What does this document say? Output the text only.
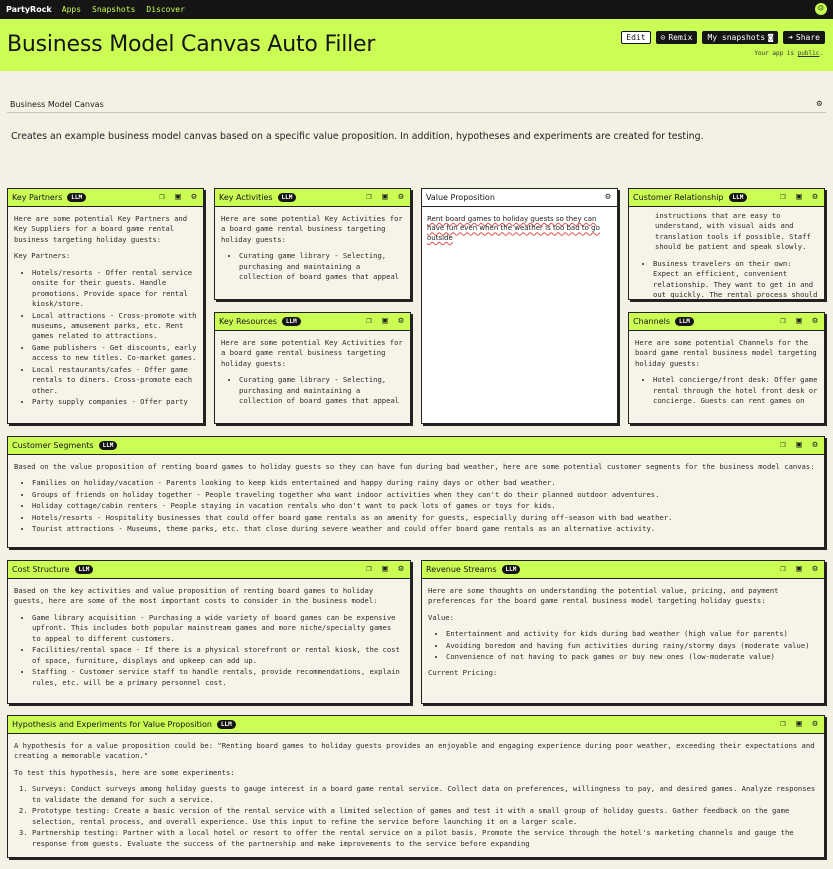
PartyRock Apps Snapshots Discover	☺
Business Model Canvas Auto Filler	Edit ⊙ Remix My snapshots ◙ ➜ Share
Your app is public.
Business Model Canvas	⚙
Creates an example business model canvas based on a specific value proposition. In addition, hypotheses and experiments are created for testing.
Key Partners	LLM	❐ ▣ ⚙

Here are some potential Key Partners and Key Suppliers for a board game rental business targeting holiday guests:

Key Partners:

• Hotels/resorts - Offer rental service onsite for their guests. Handle promotions. Provide space for rental kiosk/store.
• Local attractions - Cross-promote with museums, amusement parks, etc. Rent games related to attractions.
• Game publishers - Get discounts, early access to new titles. Co-market games.
• Local restaurants/cafes - Offer game rentals to diners. Cross-promote each other.
• Party supply companies - Offer party
Key Activities	LLM	❐ ▣ ⚙

Here are some potential Key Activities for a board game rental business targeting holiday guests:

• Curating game library - Selecting, purchasing and maintaining a collection of board games that appeal
Key Resources	LLM	❐ ▣ ⚙

Here are some potential Key Activities for a board game rental business targeting holiday guests:

• Curating game library - Selecting, purchasing and maintaining a collection of board games that appeal
Value Proposition	⚙
Rent board games to holiday guests so they can have fun even when the weather is too bad to go outside
Customer Relationship	LLM	❐ ▣ ⚙

instructions that are easy to understand, with visual aids and translation tools if possible. Staff should be patient and speak slowly.

• Business travelers on their own: Expect an efficient, convenient relationship. They want to get in and out quickly. The rental process should
Channels	LLM	❐ ▣ ⚙

Here are some potential Channels for the board game rental business model targeting holiday guests:

• Hotel concierge/front desk: Offer game rental through the hotel front desk or concierge. Guests can rent games on
Customer Segments	LLM	❐ ▣ ⚙

Based on the value proposition of renting board games to holiday guests so they can have fun during bad weather, here are some potential customer segments for the business model canvas:

• Families on holiday/vacation - Parents looking to keep kids entertained and happy during rainy days or other bad weather.
• Groups of friends on holiday together - People traveling together who want indoor activities when they can't do their planned outdoor adventures.
• Holiday cottage/cabin renters - People staying in vacation rentals who don't want to pack lots of games or toys for kids.
• Hotels/resorts - Hospitality businesses that could offer board game rentals as an amenity for guests, especially during off-season with bad weather.
• Tourist attractions - Museums, theme parks, etc. that close during severe weather and could offer board game rentals as an alternative activity.
Cost Structure	LLM	❐ ▣ ⚙

Based on the key activities and value proposition of renting board games to holiday guests, here are some of the most important costs to consider in the business model:

• Game library acquisition - Purchasing a wide variety of board games can be expensive upfront. This includes both popular mainstream games and more niche/specialty games to appeal to different customers.
• Facilities/rental space - If there is a physical storefront or rental kiosk, the cost of space, furniture, displays and upkeep can add up.
• Staffing - Customer service staff to handle rentals, provide recommendations, explain rules, etc. will be a primary personnel cost.
Revenue Streams	LLM	❐ ▣ ⚙

Here are some thoughts on understanding the potential value, pricing, and payment preferences for the board game rental business model targeting holiday guests:

Value:

• Entertainment and activity for kids during bad weather (high value for parents)
• Avoiding boredom and having fun activities during rainy/stormy days (moderate value)
• Convenience of not having to pack games or buy new ones (low-moderate value)

Current Pricing:

Hypothesis and Experiments for Value Proposition	LLM	❐ ▣ ⚙

A hypothesis for a value proposition could be: "Renting board games to holiday guests provides an enjoyable and engaging experience during poor weather, exceeding their expectations and creating a memorable vacation."

To test this hypothesis, here are some experiments:

1. Surveys: Conduct surveys among holiday guests to gauge interest in a board game rental service. Collect data on preferences, willingness to pay, and desired games. Analyze responses to validate the demand for such a service.
2. Prototype testing: Create a basic version of the rental service with a limited selection of games and test it with a small group of holiday guests. Gather feedback on the game selection, rental process, and overall experience. Use this input to refine the service before launching it on a larger scale.
3. Partnership testing: Partner with a local hotel or resort to offer the rental service on a pilot basis. Promote the service through the hotel's marketing channels and gauge the response from guests. Evaluate the success of the partnership and make improvements to the service before expanding
